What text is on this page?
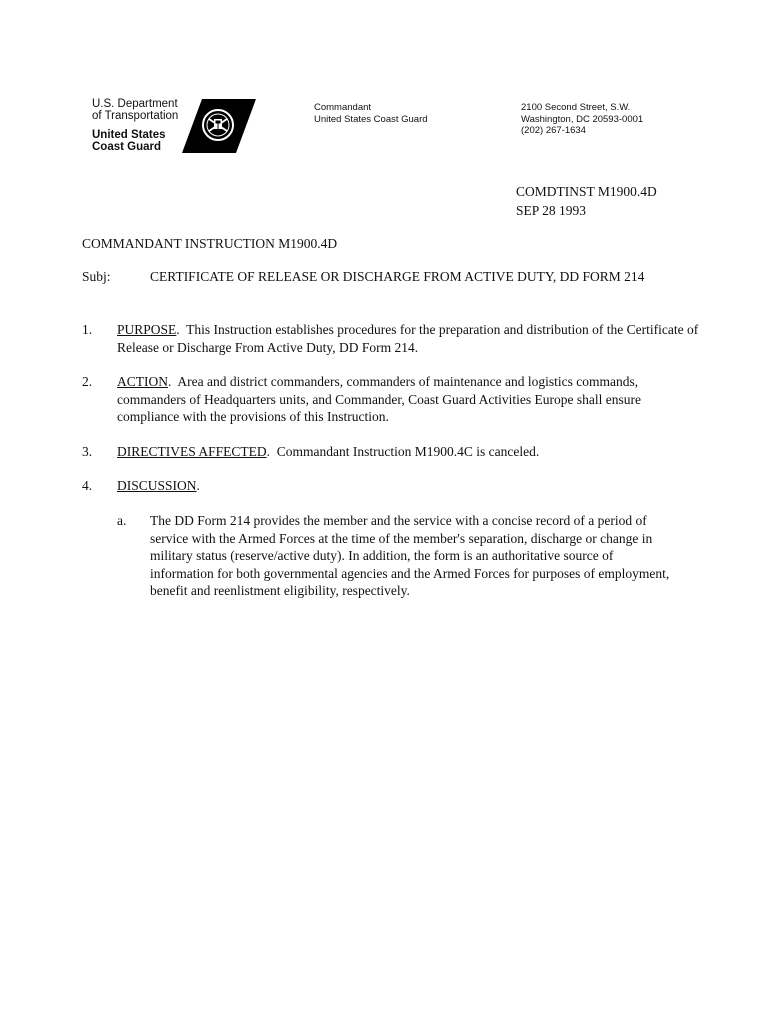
U.S. Department
of Transportation
United States
Coast Guard
Commandant
United States Coast Guard
2100 Second Street, S.W.
Washington, DC 20593-0001
(202) 267-1634
COMDTINST M1900.4D
SEP 28 1993
COMMANDANT INSTRUCTION M1900.4D
Subj:	CERTIFICATE OF RELEASE OR DISCHARGE FROM ACTIVE DUTY, DD FORM 214
1. PURPOSE.  This Instruction establishes procedures for the preparation and distribution of the Certificate of Release or Discharge From Active Duty, DD Form 214.
2. ACTION.  Area and district commanders, commanders of maintenance and logistics commands, commanders of Headquarters units, and Commander, Coast Guard Activities Europe shall ensure compliance with the provisions of this Instruction.
3. DIRECTIVES AFFECTED.  Commandant Instruction M1900.4C is canceled.
4. DISCUSSION.
a. The DD Form 214 provides the member and the service with a concise record of a period of service with the Armed Forces at the time of the member's separation, discharge or change in military status (reserve/active duty). In addition, the form is an authoritative source of information for both governmental agencies and the Armed Forces for purposes of employment, benefit and reenlistment eligibility, respectively.
